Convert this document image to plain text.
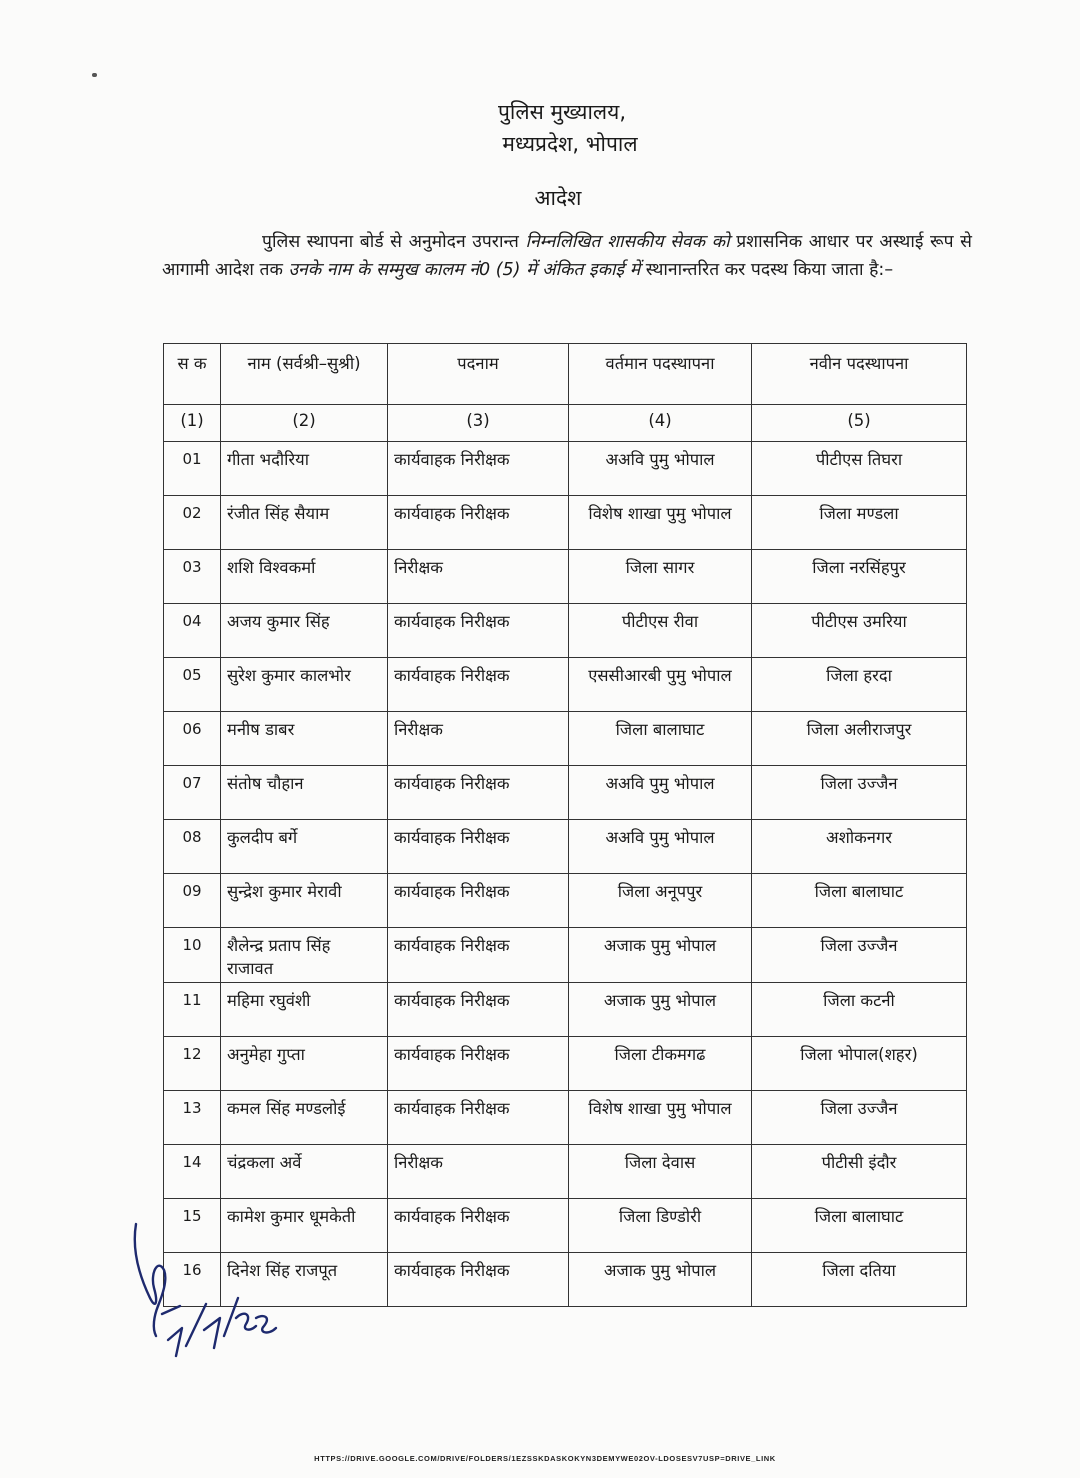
पुलिस मुख्यालय,
मध्यप्रदेश, भोपाल
आदेश
पुलिस स्थापना बोर्ड से अनुमोदन उपरान्त निम्नलिखित शासकीय सेवक को प्रशासनिक आधार पर अस्थाई रूप से आगामी आदेश तक उनके नाम के सम्मुख कालम नं0 (5) में अंकित इकाई में स्थानान्तरित कर पदस्थ किया जाता है:–
स क	नाम (सर्वश्री–सुश्री)	पदनाम	वर्तमान पदस्थापना	नवीन पदस्थापना
(1)	(2)	(3)	(4)	(5)
01	गीता भदौरिया	कार्यवाहक निरीक्षक	अअवि पुमु भोपाल	पीटीएस तिघरा
02	रंजीत सिंह सैयाम	कार्यवाहक निरीक्षक	विशेष शाखा पुमु भोपाल	जिला मण्डला
03	शशि विश्वकर्मा	निरीक्षक	जिला सागर	जिला नरसिंहपुर
04	अजय कुमार सिंह	कार्यवाहक निरीक्षक	पीटीएस रीवा	पीटीएस उमरिया
05	सुरेश कुमार कालभोर	कार्यवाहक निरीक्षक	एससीआरबी पुमु भोपाल	जिला हरदा
06	मनीष डाबर	निरीक्षक	जिला बालाघाट	जिला अलीराजपुर
07	संतोष चौहान	कार्यवाहक निरीक्षक	अअवि पुमु भोपाल	जिला उज्जैन
08	कुलदीप बर्गे	कार्यवाहक निरीक्षक	अअवि पुमु भोपाल	अशोकनगर
09	सुन्द्रेश कुमार मेरावी	कार्यवाहक निरीक्षक	जिला अनूपपुर	जिला बालाघाट
10	शैलेन्द्र प्रताप सिंह राजावत	कार्यवाहक निरीक्षक	अजाक पुमु भोपाल	जिला उज्जैन
11	महिमा रघुवंशी	कार्यवाहक निरीक्षक	अजाक पुमु भोपाल	जिला कटनी
12	अनुमेहा गुप्ता	कार्यवाहक निरीक्षक	जिला टीकमगढ	जिला भोपाल(शहर)
13	कमल सिंह मण्डलोई	कार्यवाहक निरीक्षक	विशेष शाखा पुमु भोपाल	जिला उज्जैन
14	चंद्रकला अर्वे	निरीक्षक	जिला देवास	पीटीसी इंदौर
15	कामेश कुमार धूमकेती	कार्यवाहक निरीक्षक	जिला डिण्डोरी	जिला बालाघाट
16	दिनेश सिंह राजपूत	कार्यवाहक निरीक्षक	अजाक पुमु भोपाल	जिला दतिया
HTTPS://DRIVE.GOOGLE.COM/DRIVE/FOLDERS/1EZSSKDASKOKYN3DEMYWE02OV-LDOSESV7USP=DRIVE_LINK
